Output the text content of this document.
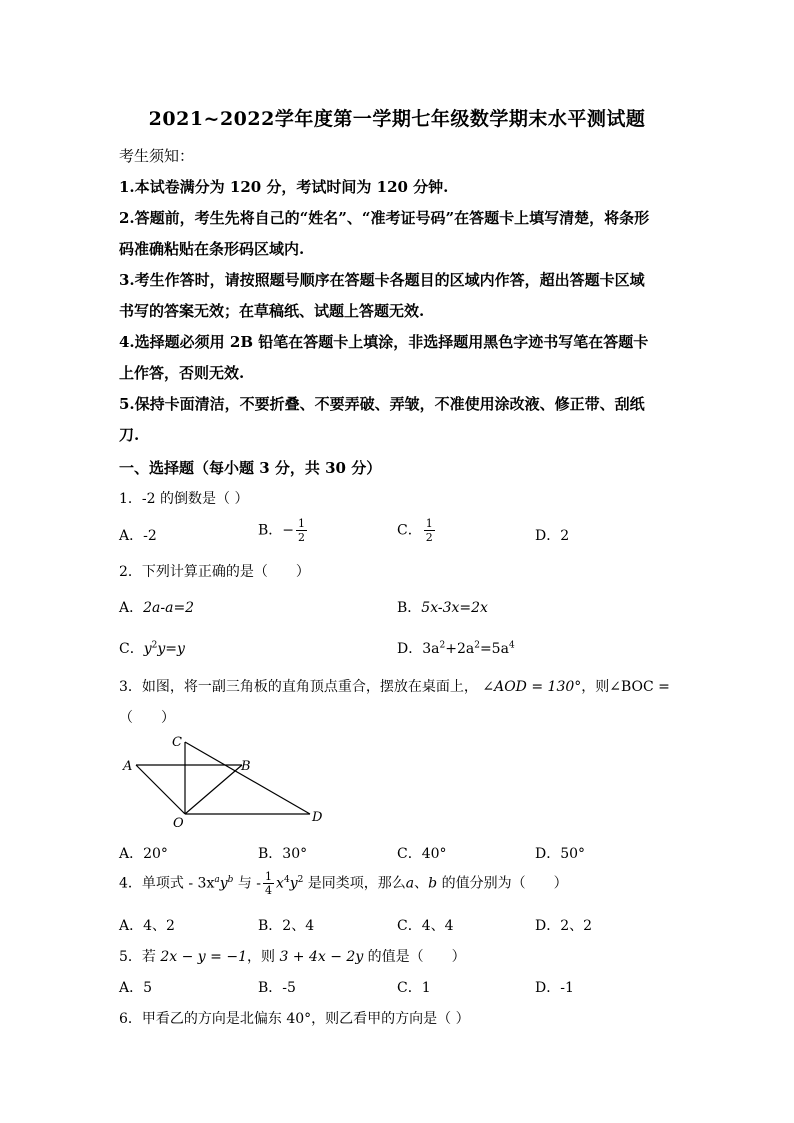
2021~2022学年度第一学期七年级数学期末水平测试题
考生须知：
1.本试卷满分为 120 分，考试时间为 120 分钟.
2.答题前，考生先将自己的“姓名”、“准考证号码”在答题卡上填写清楚，将条形
码准确粘贴在条形码区域内.
3.考生作答时，请按照题号顺序在答题卡各题目的区域内作答，超出答题卡区域
书写的答案无效；在草稿纸、试题上答题无效.
4.选择题必须用 2B 铅笔在答题卡上填涂，非选择题用黑色字迹书写笔在答题卡
上作答，否则无效.
5.保持卡面清洁，不要折叠、不要弄破、弄皱，不准使用涂改液、修正带、刮纸
刀.
一、选择题（每小题 3 分，共 30 分）
1．-2 的倒数是（ ）
A．-2	B．− $\frac{1}{2}$	C． $\frac{1}{2}$	D．2
2．下列计算正确的是（　　）
A．2a-a=2	B．5x-3x=2x
C．$y^2y=y$	D．$3a^2+2a^2=5a^4$
3．如图，将一副三角板的直角顶点重合，摆放在桌面上， ∠AOD = 130°，则∠BOC =
（　　）
A	B
C
D
O
A．20°	B．30°	C．40°	D．50°
4．单项式 - $3x^ay^b$ 与 - $\frac{1}{4} x^4y^2$ 是同类项，那么a、b 的值分别为（　　）
A．4、2	B．2、4	C．4、4	D．2、2
5．若 2x − y = −1，则 3 + 4x − 2y 的值是（　　）
A．5	B．-5	C．1	D．-1
6．甲看乙的方向是北偏东 40°，则乙看甲的方向是（ ）
